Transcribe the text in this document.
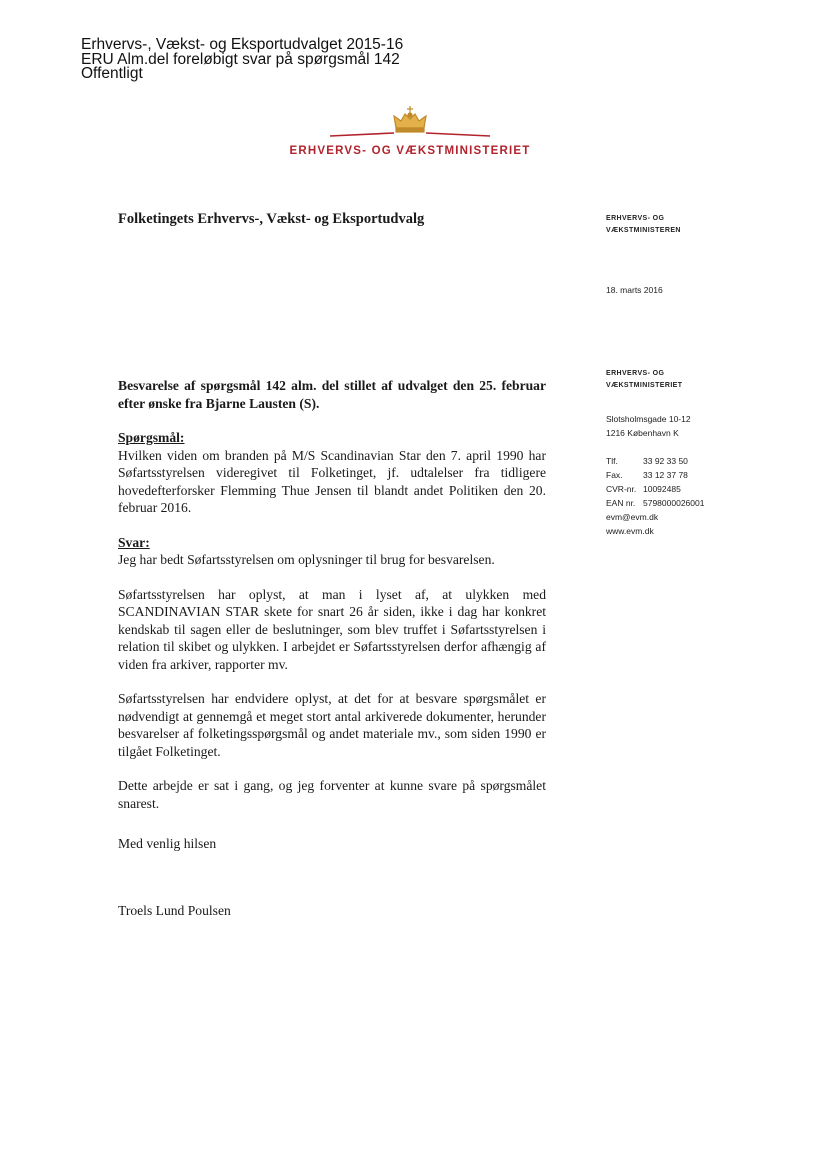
Erhvervs-, Vækst- og Eksportudvalget 2015-16
ERU Alm.del foreløbigt svar på spørgsmål 142
Offentligt
ERHVERVS- OG VÆKSTMINISTERIET
Folketingets Erhvervs-, Vækst- og Eksportudvalg	ERHVERVS- OG
VÆKSTMINISTEREN
18. marts 2016
ERHVERVS- OG
VÆKSTMINISTERIET
Slotsholmsgade 10-12
1216 København K
Tlf.	33 92 33 50
Fax. 33 12 37 78
CVR-nr. 10092485
EAN nr. 5798000026001
evm@evm.dk
www.evm.dk

Besvarelse af spørgsmål 142 alm. del stillet af udvalget den 25. februar efter ønske fra Bjarne Lausten (S).

Spørgsmål:

Hvilken viden om branden på M/S Scandinavian Star den 7. april 1990 har Søfartsstyrelsen videregivet til Folketinget, jf. udtalelser fra tidligere hovedefterforsker Flemming Thue Jensen til blandt andet Politiken den 20. februar 2016.

Svar:

Jeg har bedt Søfartsstyrelsen om oplysninger til brug for besvarelsen.

Søfartsstyrelsen har oplyst, at man i lyset af, at ulykken med SCANDINAVIAN STAR skete for snart 26 år siden, ikke i dag har konkret kendskab til sagen eller de beslutninger, som blev truffet i Søfartsstyrelsen i relation til skibet og ulykken. I arbejdet er Søfartsstyrelsen derfor afhængig af viden fra arkiver, rapporter mv.

Søfartsstyrelsen har endvidere oplyst, at det for at besvare spørgsmålet er nødvendigt at gennemgå et meget stort antal arkiverede dokumenter, herunder besvarelser af folketingsspørgsmål og andet materiale mv., som siden 1990 er tilgået Folketinget.

Dette arbejde er sat i gang, og jeg forventer at kunne svare på spørgsmålet snarest.

Med venlig hilsen
Troels Lund Poulsen
